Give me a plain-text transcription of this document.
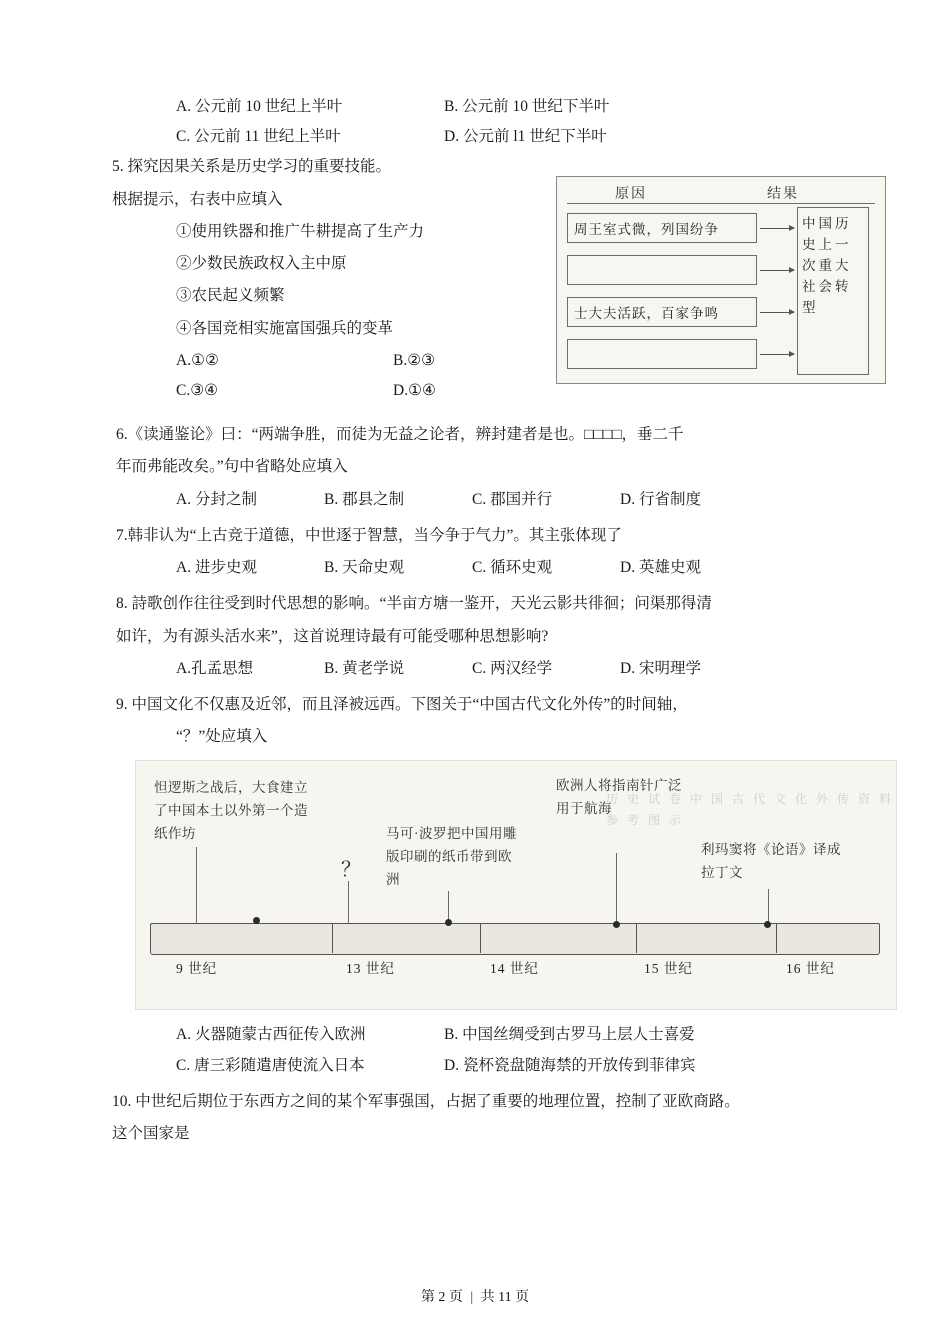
A. 公元前 10 世纪上半叶	B. 公元前 10 世纪下半叶
C. 公元前 11 世纪上半叶	D. 公元前 l1 世纪下半叶
5. 探究因果关系是历史学习的重要技能。
根据提示，右表中应填入
①使用铁器和推广牛耕提高了生产力
②少数民族政权入主中原
③农民起义频繁
④各国竞相实施富国强兵的变革
A.①②	B.②③
C.③④	D.①④
原因	结果
周王室式微，列国纷争
士大夫活跃，百家争鸣
中国历史上一次重大社会转型
6.《读通鉴论》曰：“两端争胜，而徒为无益之论者，辨封建者是也。□□□□，垂二千
年而弗能改矣。”句中省略处应填入
A. 分封之制	B. 郡县之制	C. 郡国并行	D. 行省制度
7.韩非认为“上古竞于道德，中世逐于智慧，当今争于气力”。其主张体现了
A. 进步史观	B. 天命史观	C. 循环史观	D. 英雄史观
8. 詩歌创作往往受到时代思想的影响。“半亩方塘一鉴开，天光云影共徘徊；问渠那得清
如许，为有源头活水来”，这首说理诗最有可能受哪种思想影响?
A.孔孟思想	B. 黄老学说	C. 两汉经学	D. 宋明理学
9. 中国文化不仅惠及近邻，而且泽被远西。下图关于“中国古代文化外传”的时间轴，
“？”处应填入
历 史 试 卷 中 国 古 代 文 化 外 传 资 料 参 考 图 示
怛逻斯之战后，大食建立了中国本土以外第一个造纸作坊
？
马可·波罗把中国用雕版印刷的纸币带到欧洲
欧洲人将指南针广泛用于航海
利玛窦将《论语》译成拉丁文
9 世纪	13 世纪	14 世纪	15 世纪	16 世纪
A. 火器随蒙古西征传入欧洲	B. 中国丝绸受到古罗马上层人士喜爱
C. 唐三彩随遣唐使流入日本	D. 瓷杯瓷盘随海禁的开放传到菲律宾
10. 中世纪后期位于东西方之间的某个军事强国，占据了重要的地理位置，控制了亚欧商路。
这个国家是
第 2 页 | 共 11 页
